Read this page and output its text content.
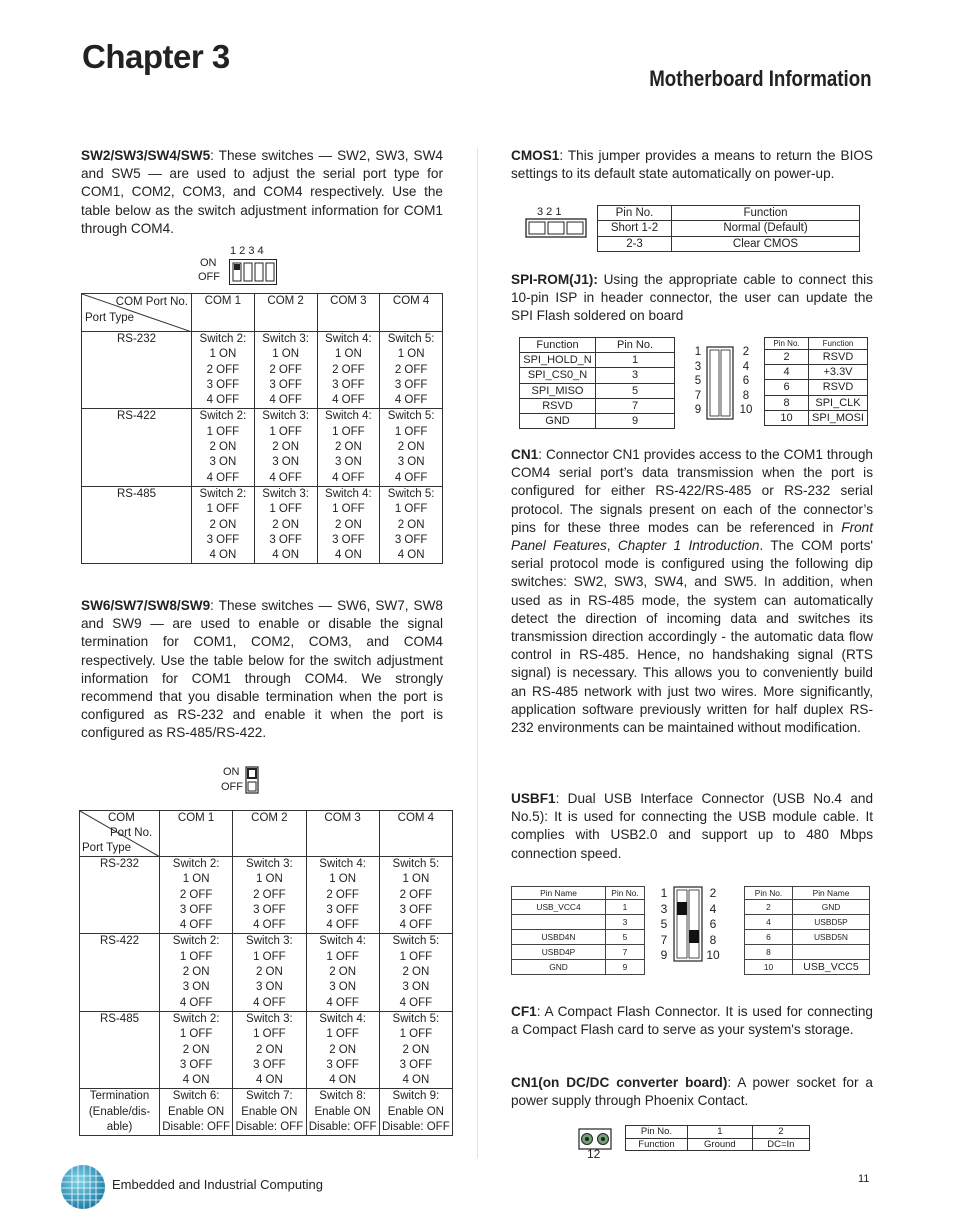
Chapter 3
Motherboard Information
SW2/SW3/SW4/SW5: These switches — SW2, SW3, SW4 and SW5 — are used to adjust the serial port type for COM1, COM2, COM3, and COM4 respectively. Use the table below as the switch adjustment information for COM1 through COM4.
1 2 3 4
ON
OFF
COM Port No.
Port Type	COM 1	COM 2	COM 3	COM 4
RS-232	Switch 2:
1 ON
2 OFF
3 OFF
4 OFF	Switch 3:
1 ON
2 OFF
3 OFF
4 OFF	Switch 4:
1 ON
2 OFF
3 OFF
4 OFF	Switch 5:
1 ON
2 OFF
3 OFF
4 OFF
RS-422	Switch 2:
1 OFF
2 ON
3 ON
4 OFF	Switch 3:
1 OFF
2 ON
3 ON
4 OFF	Switch 4:
1 OFF
2 ON
3 ON
4 OFF	Switch 5:
1 OFF
2 ON
3 ON
4 OFF
RS-485	Switch 2:
1 OFF
2 ON
3 OFF
4 ON	Switch 3:
1 OFF
2 ON
3 OFF
4 ON	Switch 4:
1 OFF
2 ON
3 OFF
4 ON	Switch 5:
1 OFF
2 ON
3 OFF
4 ON
SW6/SW7/SW8/SW9: These switches — SW6, SW7, SW8 and SW9 — are used to enable or disable the signal termination for COM1, COM2, COM3, and COM4 respectively. Use the table below for the switch adjustment information for COM1 through COM4. We strongly recommend that you disable termination when the port is configured as RS-232 and enable it when the port is configured as RS-485/RS-422.
ON
OFF
COM
Port No.
Port Type	COM 1	COM 2	COM 3	COM 4
RS-232	Switch 2:
1 ON
2 OFF
3 OFF
4 OFF	Switch 3:
1 ON
2 OFF
3 OFF
4 OFF	Switch 4:
1 ON
2 OFF
3 OFF
4 OFF	Switch 5:
1 ON
2 OFF
3 OFF
4 OFF
RS-422	Switch 2:
1 OFF
2 ON
3 ON
4 OFF	Switch 3:
1 OFF
2 ON
3 ON
4 OFF	Switch 4:
1 OFF
2 ON
3 ON
4 OFF	Switch 5:
1 OFF
2 ON
3 ON
4 OFF
RS-485	Switch 2:
1 OFF
2 ON
3 OFF
4 ON	Switch 3:
1 OFF
2 ON
3 OFF
4 ON	Switch 4:
1 OFF
2 ON
3 OFF
4 ON	Switch 5:
1 OFF
2 ON
3 OFF
4 ON
Termination
(Enable/dis-
able)	Switch 6:
Enable ON
Disable: OFF	Switch 7:
Enable ON
Disable: OFF	Switch 8:
Enable ON
Disable: OFF	Switch 9:
Enable ON
Disable: OFF
CMOS1: This jumper provides a means to return the BIOS settings to its default state automatically on power-up.
3 2 1	Pin No.	Function
Short 1-2	Normal (Default)
2-3	Clear CMOS
SPI-ROM(J1): Using the appropriate cable to connect this 10-pin ISP in header connector, the user can update the SPI Flash soldered on board
Function	Pin No.
SPI_HOLD_N	1
SPI_CS0_N	3
SPI_MISO	5
RSVD	7
GND	9
1
3
5
7
9
2
4
6
8
10
Pin No.	Function
2	RSVD
4	+3.3V
6	RSVD
8	SPI_CLK
10	SPI_MOSI
CN1: Connector CN1 provides access to the COM1 through COM4 serial port’s data transmission when the port is configured for either RS-422/RS-485 or RS-232 serial protocol. The signals present on each of the connector’s pins for these three modes can be referenced in Front Panel Features, Chapter 1 Introduction. The COM ports' serial protocol mode is configured using the following dip switches: SW2, SW3, SW4, and SW5. In addition, when used as in RS-485 mode, the system can automatically detect the direction of incoming data and switches its transmission direction accordingly - the automatic data flow control in RS-485. Hence, no handshaking signal (RTS signal) is necessary. This allows you to conveniently build an RS-485 network with just two wires. More significantly, application software previously written for half duplex RS-232 environments can be maintained without modification.
USBF1: Dual USB Interface Connector (USB No.4 and No.5): It is used for connecting the USB module cable. It complies with USB2.0 and support up to 480 Mbps connection speed.
Pin Name	Pin No.
USB_VCC4	1
	3
USBD4N	5
USBD4P	7
GND	9
1
3
5
7
9
2
4
6
8
10
Pin No.	Pin Name
2	GND
4	USBD5P
6	USBD5N
8	
10	USB_VCC5
CF1: A Compact Flash Connector. It is used for connecting a Compact Flash card to serve as your system's storage.
CN1(on DC/DC converter board): A power socket for a power supply through Phoenix Contact.
12
Pin No.	1	2
Function	Ground	DC=In
Embedded and Industrial Computing	11
